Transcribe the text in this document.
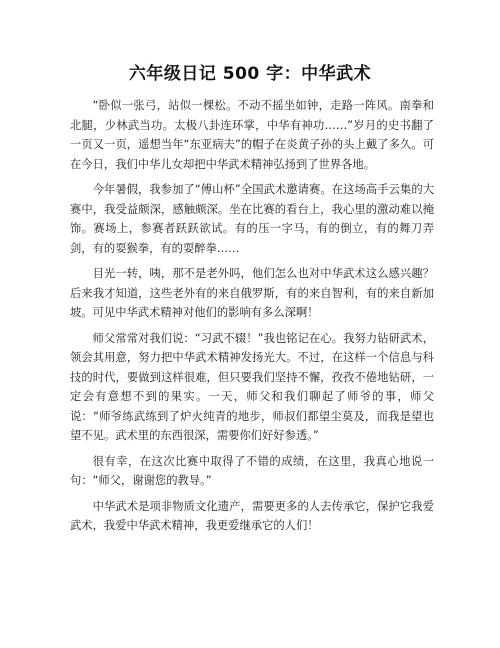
六年级日记 500 字：中华武术

“卧似一张弓，站似一棵松。不动不摇坐如钟，走路一阵风。南拳和北腿，少林武当功。太极八卦连环掌，中华有神功……”岁月的史书翻了一页又一页，遥想当年“东亚病夫”的帽子在炎黄子孙的头上戴了多久。可在今日，我们中华儿女却把中华武术精神弘扬到了世界各地。

今年暑假，我参加了“傅山杯”全国武术邀请赛。在这场高手云集的大赛中，我受益颇深，感触颇深。坐在比赛的看台上，我心里的激动难以掩饰。赛场上，参赛者跃跃欲试。有的压一字马，有的倒立，有的舞刀弄剑，有的耍猴拳，有的耍醉拳……

目光一转，咦，那不是老外吗，他们怎么也对中华武术这么感兴趣？后来我才知道，这些老外有的来自俄罗斯，有的来自智利，有的来自新加坡。可见中华武术精神对他们的影响有多么深啊！

师父常常对我们说：“习武不辍！”我也铭记在心。我努力钻研武术，领会其用意，努力把中华武术精神发扬光大。不过，在这样一个信息与科技的时代，要做到这样很难，但只要我们坚持不懈，孜孜不倦地钻研，一定会有意想不到的果实。一天，师父和我们聊起了师爷的事，师父说：“师爷练武练到了炉火纯青的地步，师叔们都望尘莫及，而我是望也望不见。武术里的东西很深，需要你们好好参透。”

很有幸，在这次比赛中取得了不错的成绩，在这里，我真心地说一句：“师父，谢谢您的教导。”

中华武术是项非物质文化遗产，需要更多的人去传承它，保护它我爱武术，我爱中华武术精神，我更爱继承它的人们！
